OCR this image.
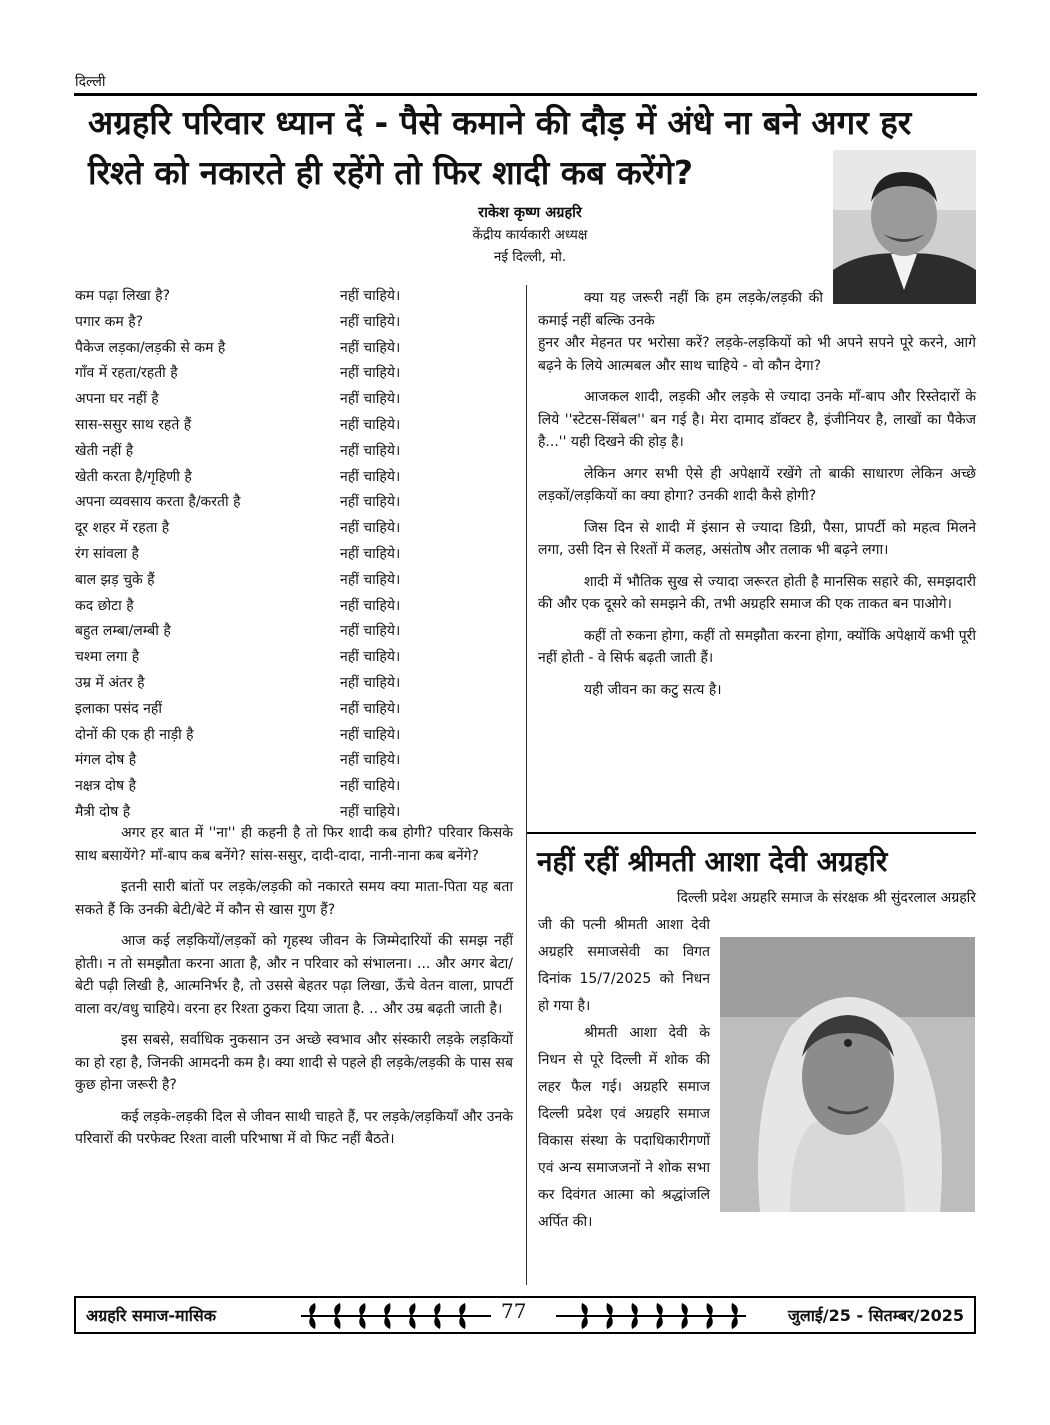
दिल्ली
अग्रहरि परिवार ध्यान दें - पैसे कमाने की दौड़ में अंधे ना बने अगर हर
रिश्ते को नकारते ही रहेंगे तो फिर शादी कब करेंगे?
राकेश कृष्ण अग्रहरि
केंद्रीय कार्यकारी अध्यक्ष
नई दिल्ली, मो.
कम पढ़ा लिखा है?	नहीं चाहिये।
पगार कम है?	नहीं चाहिये।
पैकेज लड़का/लड़की से कम है	नहीं चाहिये।
गाँव में रहता/रहती है	नहीं चाहिये।
अपना घर नहीं है	नहीं चाहिये।
सास-ससुर साथ रहते हैं	नहीं चाहिये।
खेती नहीं है	नहीं चाहिये।
खेती करता है/गृहिणी है	नहीं चाहिये।
अपना व्यवसाय करता है/करती है	नहीं चाहिये।
दूर शहर में रहता है	नहीं चाहिये।
रंग सांवला है	नहीं चाहिये।
बाल झड़ चुके हैं	नहीं चाहिये।
कद छोटा है	नहीं चाहिये।
बहुत लम्बा/लम्बी है	नहीं चाहिये।
चश्मा लगा है	नहीं चाहिये।
उम्र में अंतर है	नहीं चाहिये।
इलाका पसंद नहीं	नहीं चाहिये।
दोनों की एक ही नाड़ी है	नहीं चाहिये।
मंगल दोष है	नहीं चाहिये।
नक्षत्र दोष है	नहीं चाहिये।
मैत्री दोष है	नहीं चाहिये।

अगर हर बात में ''ना'' ही कहनी है तो फिर शादी कब होगी? परिवार किसके साथ बसायेंगे? माँ-बाप कब बनेंगे? सांस-ससुर, दादी-दादा, नानी-नाना कब बनेंगे?

इतनी सारी बांतों पर लड़के/लड़की को नकारते समय क्या माता-पिता यह बता सकते हैं कि उनकी बेटी/बेटे में कौन से खास गुण हैं?

आज कई लड़कियों/लड़कों को गृहस्थ जीवन के जिम्मेदारियों की समझ नहीं होती। न तो समझौता करना आता है, और न परिवार को संभालना। ... और अगर बेटा/बेटी पढ़ी लिखी है, आत्मनिर्भर है, तो उससे बेहतर पढ़ा लिखा, ऊँचे वेतन वाला, प्रापर्टी वाला वर/वधु चाहिये। वरना हर रिश्ता ठुकरा दिया जाता है. .. और उम्र बढ़ती जाती है।

इस सबसे, सर्वाधिक नुकसान उन अच्छे स्वभाव और संस्कारी लड़के लड़कियों का हो रहा है, जिनकी आमदनी कम है। क्या शादी से पहले ही लड़के/लड़की के पास सब कुछ होना जरूरी है?

कई लड़के-लड़की दिल से जीवन साथी चाहते हैं, पर लड़के/लड़कियाँ और उनके परिवारों की परफेक्ट रिश्ता वाली परिभाषा में वो फिट नहीं बैठते।

क्या यह जरूरी नहीं कि हम लड़के/लड़की की कमाई नहीं बल्कि उनके

हुनर और मेहनत पर भरोसा करें? लड़के-लड़कियों को भी अपने सपने पूरे करने, आगे बढ़ने के लिये आत्मबल और साथ चाहिये - वो कौन देगा?

आजकल शादी, लड़की और लड़के से ज्यादा उनके माँ-बाप और रिस्तेदारों के लिये ''स्टेटस-सिंबल'' बन गई है। मेरा दामाद डॉक्टर है, इंजीनियर है, लाखों का पैकेज है...'' यही दिखने की होड़ है।

लेकिन अगर सभी ऐसे ही अपेक्षायें रखेंगे तो बाकी साधारण लेकिन अच्छे लड़कों/लड़कियों का क्या होगा? उनकी शादी कैसे होगी?

जिस दिन से शादी में इंसान से ज्यादा डिग्री, पैसा, प्रापर्टी को महत्व मिलने लगा, उसी दिन से रिश्तों में कलह, असंतोष और तलाक भी बढ़ने लगा।

शादी में भौतिक सुख से ज्यादा जरूरत होती है मानसिक सहारे की, समझदारी की और एक दूसरे को समझने की, तभी अग्रहरि समाज की एक ताकत बन पाओगे।

कहीं तो रुकना होगा, कहीं तो समझौता करना होगा, क्योंकि अपेक्षायें कभी पूरी नहीं होती - वे सिर्फ बढ़ती जाती हैं।

यही जीवन का कटु सत्य है।

नहीं रहीं श्रीमती आशा देवी अग्रहरि
दिल्ली प्रदेश अग्रहरि समाज के संरक्षक श्री सुंदरलाल अग्रहरि

जी की पत्नी श्रीमती आशा देवी अग्रहरि समाजसेवी का विगत दिनांक 15/7/2025 को निधन हो गया है।

श्रीमती आशा देवी के निधन से पूरे दिल्ली में शोक की लहर फैल गई। अग्रहरि समाज दिल्ली प्रदेश एवं अग्रहरि समाज विकास संस्था के पदाधिकारीगणों एवं अन्य समाजजनों ने शोक सभा कर दिवंगत आत्मा को श्रद्धांजलि अर्पित की।

अग्रहरि समाज-मासिक	77	जुलाई/25 - सितम्बर/2025
